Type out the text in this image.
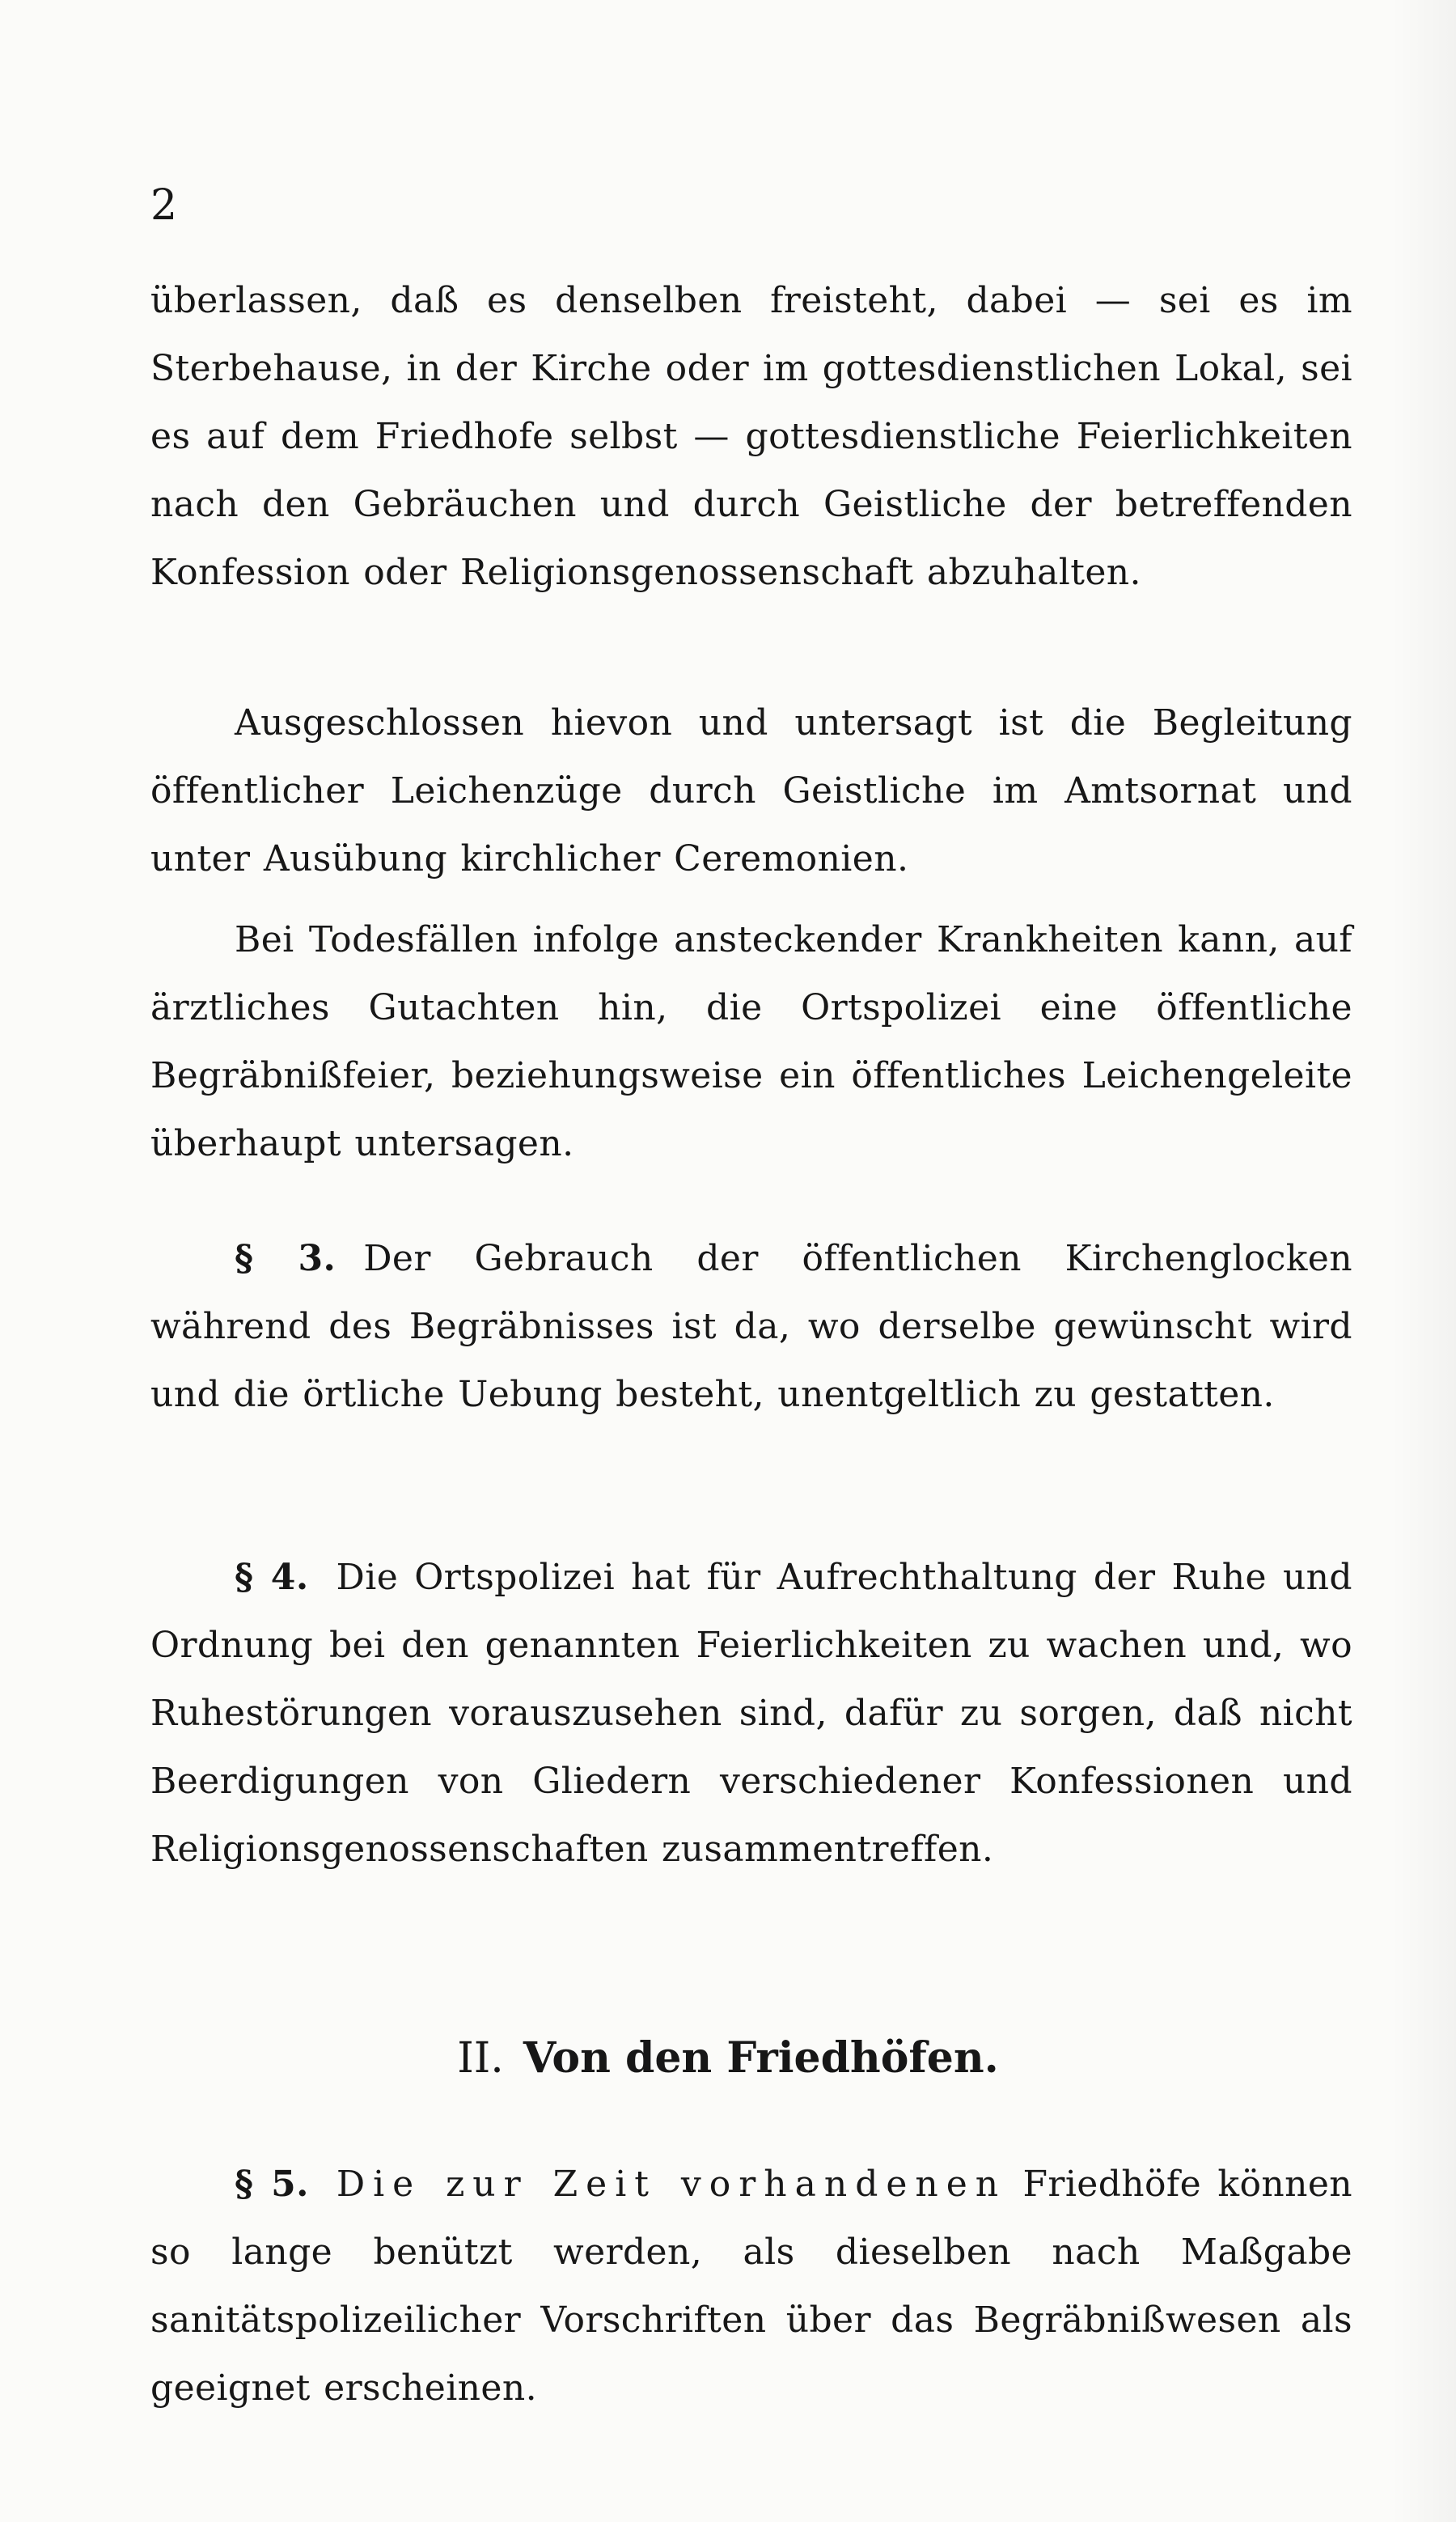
2

überlassen, daß es denselben freisteht, dabei — sei es im Sterbehause, in der Kirche oder im gottesdienstlichen Lokal, sei es auf dem Friedhofe selbst — gottesdienstliche Feierlichkeiten nach den Gebräuchen und durch Geistliche der betreffenden Konfession oder Religionsgenossenschaft abzuhalten.

Ausgeschlossen hievon und untersagt ist die Begleitung öffentlicher Leichenzüge durch Geistliche im Amtsornat und unter Ausübung kirchlicher Ceremonien.

Bei Todesfällen infolge ansteckender Krankheiten kann, auf ärztliches Gutachten hin, die Ortspolizei eine öffentliche Begräbnißfeier, beziehungsweise ein öffentliches Leichengeleite überhaupt untersagen.

§ 3. Der Gebrauch der öffentlichen Kirchenglocken während des Begräbnisses ist da, wo derselbe gewünscht wird und die örtliche Uebung besteht, unentgeltlich zu gestatten.

§ 4. Die Ortspolizei hat für Aufrechthaltung der Ruhe und Ordnung bei den genannten Feierlichkeiten zu wachen und, wo Ruhestörungen vorauszusehen sind, dafür zu sorgen, daß nicht Beerdigungen von Gliedern verschiedener Konfessionen und Religionsgenossenschaften zusammentreffen.

II. Von den Friedhöfen.

§ 5. Die zur Zeit vorhandenen Friedhöfe können so lange benützt werden, als dieselben nach Maßgabe sanitätspolizeilicher Vorschriften über das Begräbnißwesen als geeignet erscheinen.
